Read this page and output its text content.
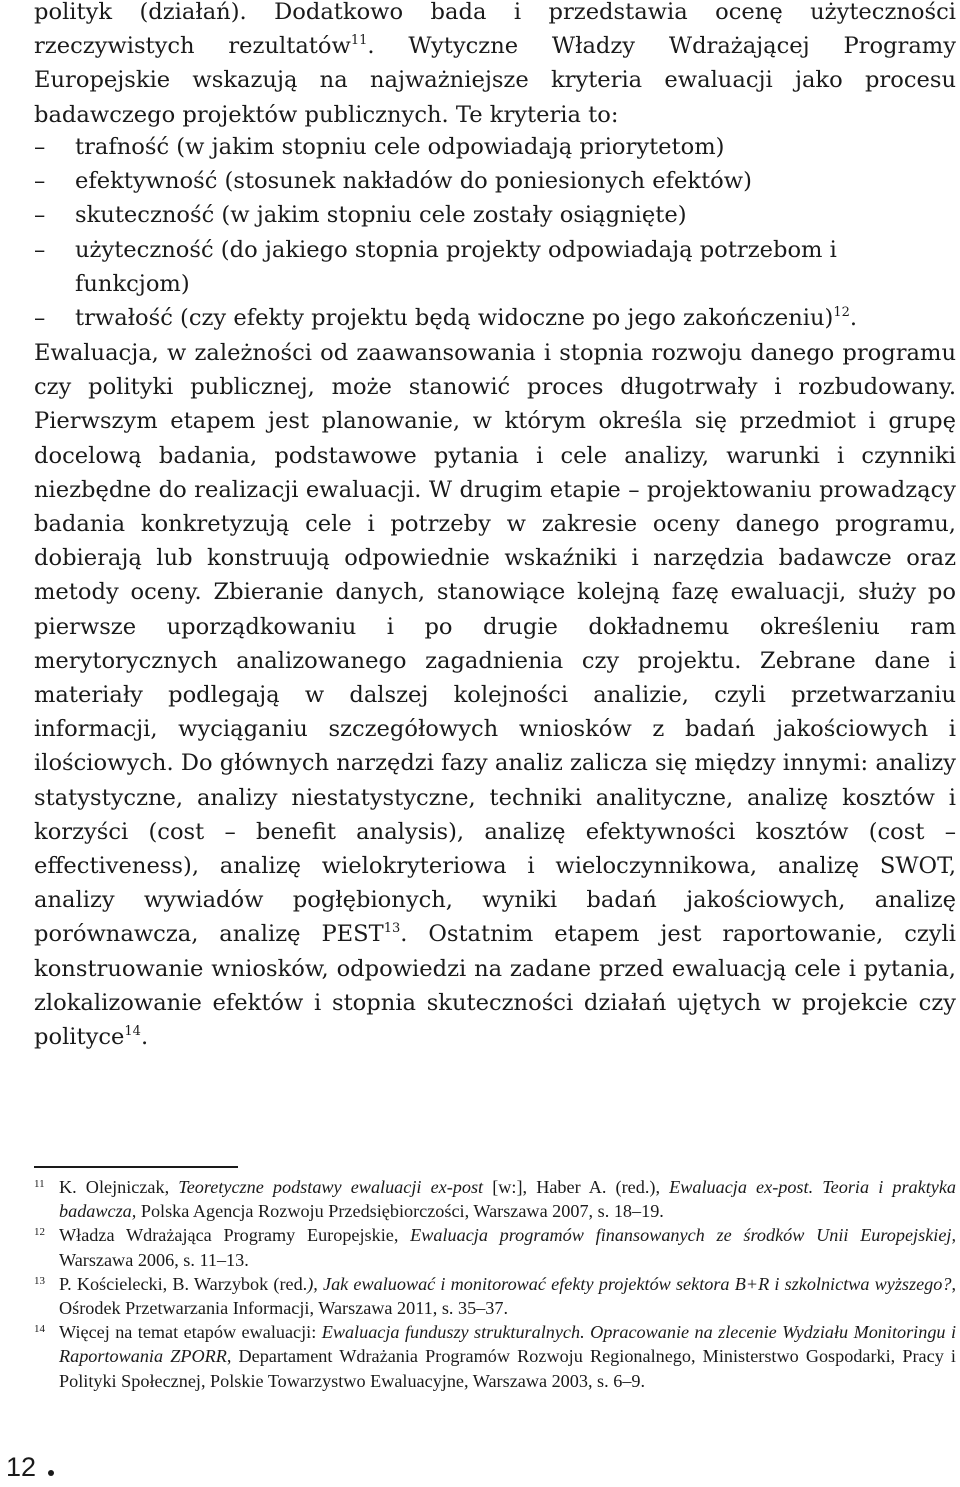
polityk (działań). Dodatkowo bada i przedstawia ocenę użyteczności rzeczywistych rezultatów$^{11}$. Wytyczne Władzy Wdrażającej Programy Europejskie wskazują na najważniejsze kryteria ewaluacji jako procesu badawczego projektów publicznych. Te kryteria to:

– trafność (w jakim stopniu cele odpowiadają priorytetom)
– efektywność (stosunek nakładów do poniesionych efektów)
– skuteczność (w jakim stopniu cele zostały osiągnięte)
– użyteczność (do jakiego stopnia projekty odpowiadają potrzebom i funkcjom)
– trwałość (czy efekty projektu będą widoczne po jego zakończeniu)$^{12}$.

Ewaluacja, w zależności od zaawansowania i stopnia rozwoju danego programu czy polityki publicznej, może stanowić proces długotrwały i rozbudowany. Pierwszym etapem jest planowanie, w którym określa się przedmiot i grupę docelową badania, podstawowe pytania i cele analizy, warunki i czynniki niezbędne do realizacji ewaluacji. W drugim etapie – projektowaniu prowadzący badania konkretyzują cele i potrzeby w zakresie oceny danego programu, dobierają lub konstruują odpowiednie wskaźniki i narzędzia badawcze oraz metody oceny. Zbieranie danych, stanowiące kolejną fazę ewaluacji, służy po pierwsze uporządkowaniu i po drugie dokładnemu określeniu ram merytorycznych analizowanego zagadnienia czy projektu. Zebrane dane i materiały podlegają w dalszej kolejności analizie, czyli przetwarzaniu informacji, wyciąganiu szczegółowych wniosków z badań jakościowych i ilościowych. Do głównych narzędzi fazy analiz zalicza się między innymi: analizy statystyczne, analizy niestatystyczne, techniki analityczne, analizę kosztów i korzyści (cost – benefit analysis), analizę efektywności kosztów (cost – effectiveness), analizę wielokryteriowa i wieloczynnikowa, analizę SWOT, analizy wywiadów pogłębionych, wyniki badań jakościowych, analizę porównawcza, analizę PEST$^{13}$. Ostatnim etapem jest raportowanie, czyli konstruowanie wniosków, odpowiedzi na zadane przed ewaluacją cele i pytania, zlokalizowanie efektów i stopnia skuteczności działań ujętych w projekcie czy polityce$^{14}$.

11 K. Olejniczak, Teoretyczne podstawy ewaluacji ex-post [w:], Haber A. (red.), Ewaluacja ex-post. Teoria i praktyka badawcza, Polska Agencja Rozwoju Przedsiębiorczości, Warszawa 2007, s. 18–19.
12 Władza Wdrażająca Programy Europejskie, Ewaluacja programów finansowanych ze środków Unii Europejskiej, Warszawa 2006, s. 11–13.
13 P. Kościelecki, B. Warzybok (red.), Jak ewaluować i monitorować efekty projektów sektora B+R i szkolnictwa wyższego?, Ośrodek Przetwarzania Informacji, Warszawa 2011, s. 35–37.
14 Więcej na temat etapów ewaluacji: Ewaluacja funduszy strukturalnych. Opracowanie na zlecenie Wydziału Monitoringu i Raportowania ZPORR, Departament Wdrażania Programów Rozwoju Regionalnego, Ministerstwo Gospodarki, Pracy i Polityki Społecznej, Polskie Towarzystwo Ewaluacyjne, Warszawa 2003, s. 6–9.
12
